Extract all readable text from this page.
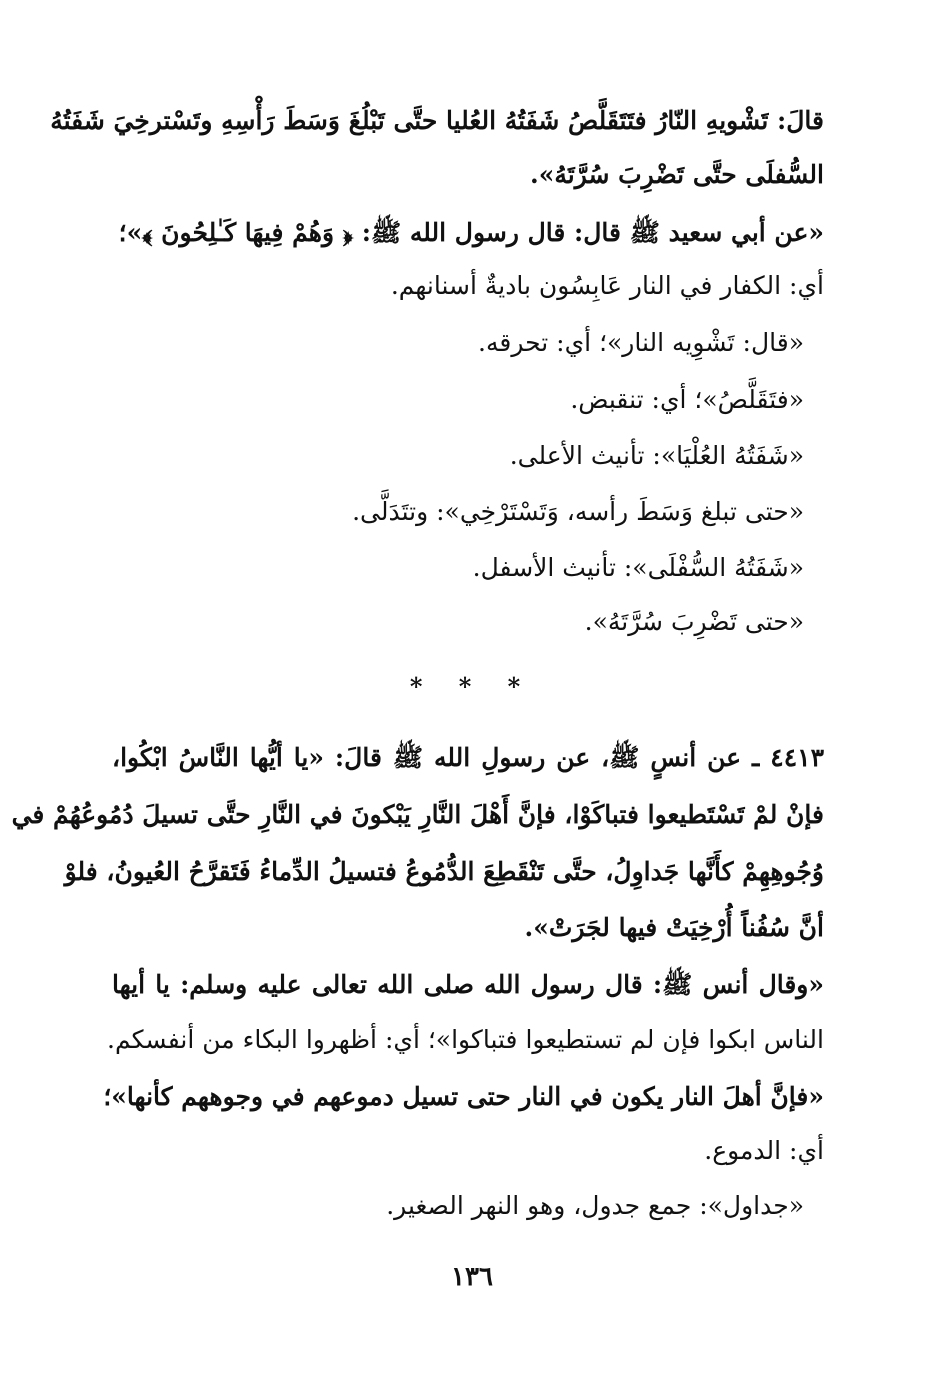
قالَ: تَشْويهِ النّارُ فتَتَقَلَّصُ شَفَتُهُ العُليا حتَّى تَبْلُغَ وَسَطَ رَأْسِهِ وتَسْترخِيَ شَفَتُهُ
السُّفلَى حتَّى تَضْرِبَ سُرَّتَهُ».
«عن أبي سعيد ﷺ قال: قال رسول الله ﷺ: ﴿ وَهُمْ فِيهَا كَـٰلِحُونَ ﴾»؛
أي: الكفار في النار عَابِسُون باديةٌ أسنانهم.
«قال: تَشْوِيه النار»؛ أي: تحرقه.
«فتَقَلَّصُ»؛ أي: تنقبض.
«شَفَتُهُ العُلْيَا»: تأنيث الأعلى.
«حتى تبلغ وَسَطَ رأسه، وَتَسْتَرْخِي»: وتتَدَلَّى.
«شَفَتُهُ السُّفْلَى»: تأنيث الأسفل.
«حتى تَضْرِبَ سُرَّتَهُ».
* * *
٤٤١٣ ـ عن أنسٍ ﷺ، عن رسولِ الله ﷺ قالَ: «يا أيُّها النَّاسُ ابْكُوا،
فإنْ لمْ تَسْتَطيعوا فتباكَوْا، فإنَّ أَهْلَ النَّارِ يَبْكونَ في النَّارِ حتَّى تسيلَ دُمُوعُهُمْ في
وُجُوهِهِمْ كأَنَّها جَداوِلُ، حتَّى تَنْقَطِعَ الدُّمُوعُ فتسيلُ الدِّماءُ فَتَقرَّحُ العُيونُ، فلوْ
أنَّ سُفُناً أُرْخِيَتْ فيها لجَرَتْ».
«وقال أنس ﷺ: قال رسول الله صلى الله تعالى عليه وسلم: يا أيها
الناس ابكوا فإن لم تستطيعوا فتباكوا»؛ أي: أظهروا البكاء من أنفسكم.
«فإنَّ أهلَ النار يكون في النار حتى تسيل دموعهم في وجوههم كأنها»؛
أي: الدموع.
«جداول»: جمع جدول، وهو النهر الصغير.
١٣٦
